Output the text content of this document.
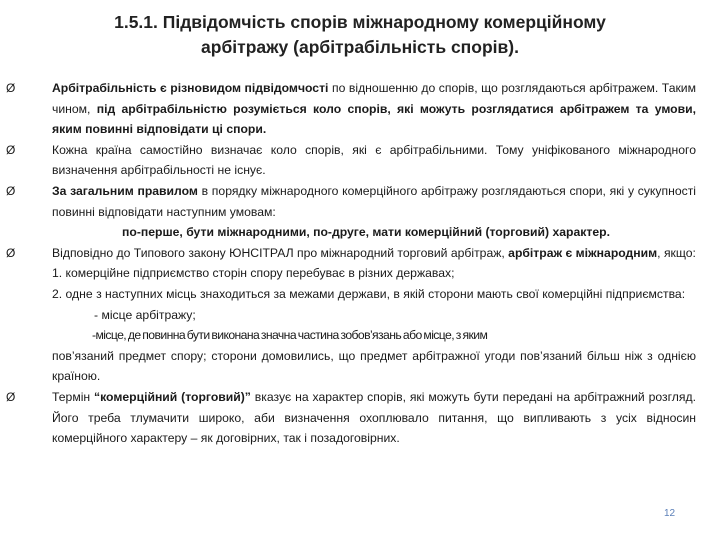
1.5.1. Підвідомчість спорів міжнародному комерційному
арбітражу (арбітрабільність спорів).
Ø	Арбітрабільність є різновидом підвідомчості по відношенню до спорів, що розглядаються арбітражем. Таким чином, під арбітрабільністю розуміється коло спорів, які можуть розглядатися арбітражем та умови, яким повинні відповідати ці спори.
Ø	Кожна країна самостійно визначає коло спорів, які є арбітрабільними. Тому уніфікованого міжнародного визначення арбітрабільності не існує.
Ø	За загальним правилом в порядку міжнародного комерційного арбітражу розглядаються спори, які у сукупності повинні відповідати наступним умовам:
по-перше, бути міжнародними, по-друге, мати комерційний (торговий) характер.
Ø	Відповідно до Типового закону ЮНСІТРАЛ про міжнародний торговий арбітраж, арбітраж є міжнародним, якщо:
1. комерційне підприємство сторін спору перебуває в різних державах;
2. одне з наступних місць знаходиться за межами держави, в якій сторони мають свої комерційні підприємства:
- місце арбітражу;
-місце, де повинна бути виконана значна частина зобов’язань або місце, з яким
пов’язаний предмет спору; сторони домовились, що предмет арбітражної угоди пов’язаний більш ніж з однією країною.
Ø	Термін “комерційний (торговий)” вказує на характер спорів, які можуть бути передані на арбітражний розгляд. Його треба тлумачити широко, аби визначення охоплювало питання, що випливають з усіх відносин комерційного характеру – як договірних, так і позадоговірних.
12
